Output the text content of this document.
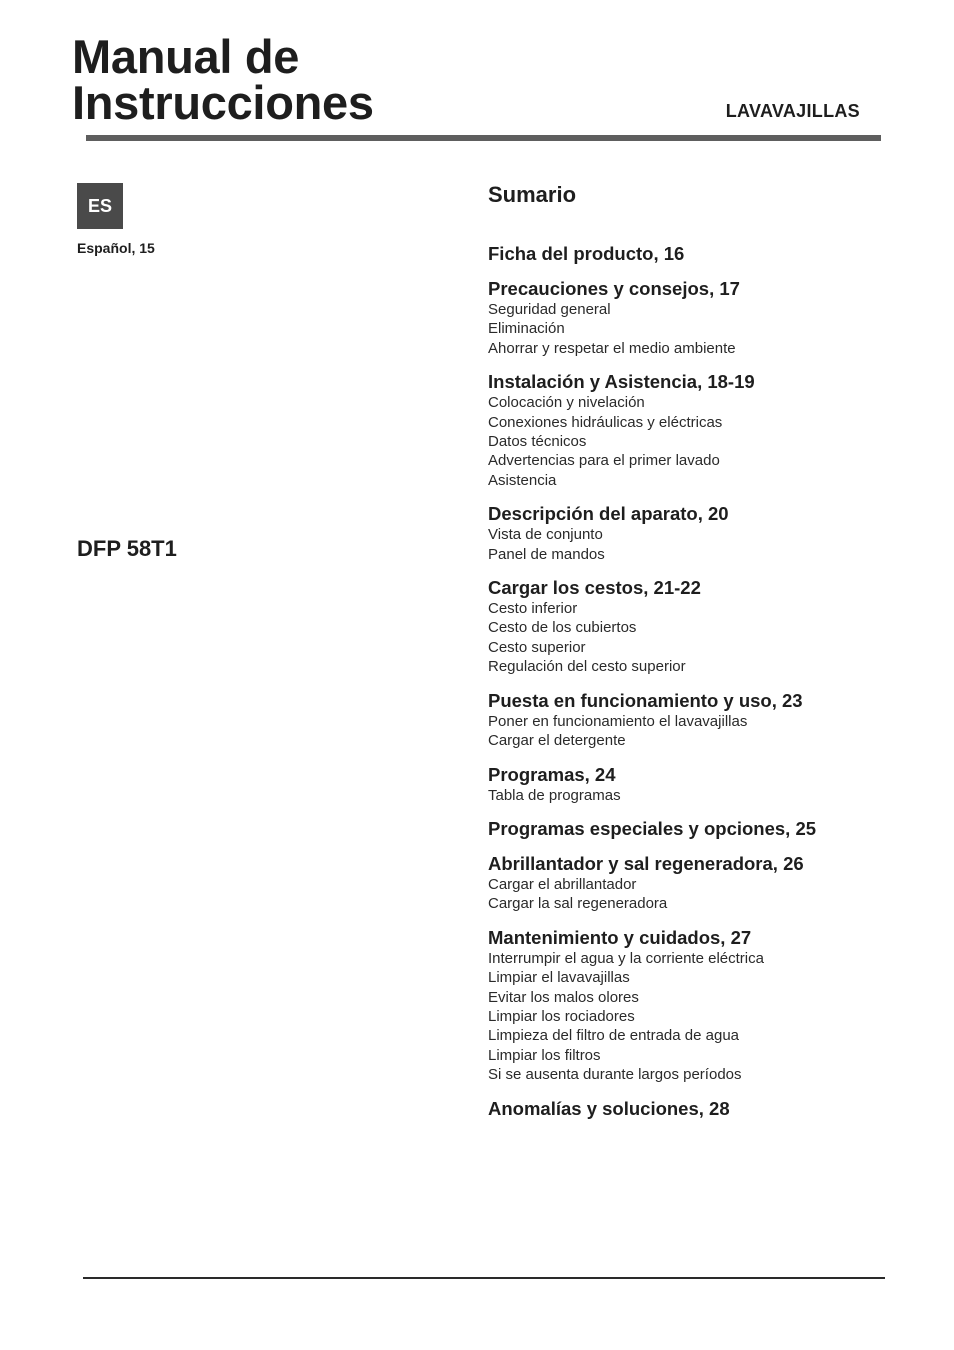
Manual de
Instrucciones	LAVAVAJILLAS
ES
Español, 15
DFP 58T1
Sumario
Ficha del producto, 16
Precauciones y consejos, 17
Seguridad general
Eliminación
Ahorrar y respetar el medio ambiente
Instalación y Asistencia, 18-19
Colocación y nivelación
Conexiones hidráulicas y eléctricas
Datos técnicos
Advertencias para el primer lavado
Asistencia
Descripción del aparato, 20
Vista de conjunto
Panel de mandos
Cargar los cestos, 21-22
Cesto inferior
Cesto de los cubiertos
Cesto superior
Regulación del cesto superior
Puesta en funcionamiento y uso, 23
Poner en funcionamiento el lavavajillas
Cargar el detergente
Programas, 24
Tabla de programas
Programas especiales y opciones, 25
Abrillantador y sal regeneradora, 26
Cargar el abrillantador
Cargar la sal regeneradora
Mantenimiento y cuidados, 27
Interrumpir el agua y la corriente eléctrica
Limpiar el lavavajillas
Evitar los malos olores
Limpiar los rociadores
Limpieza del filtro de entrada de agua
Limpiar los filtros
Si se ausenta durante largos períodos
Anomalías y soluciones, 28
